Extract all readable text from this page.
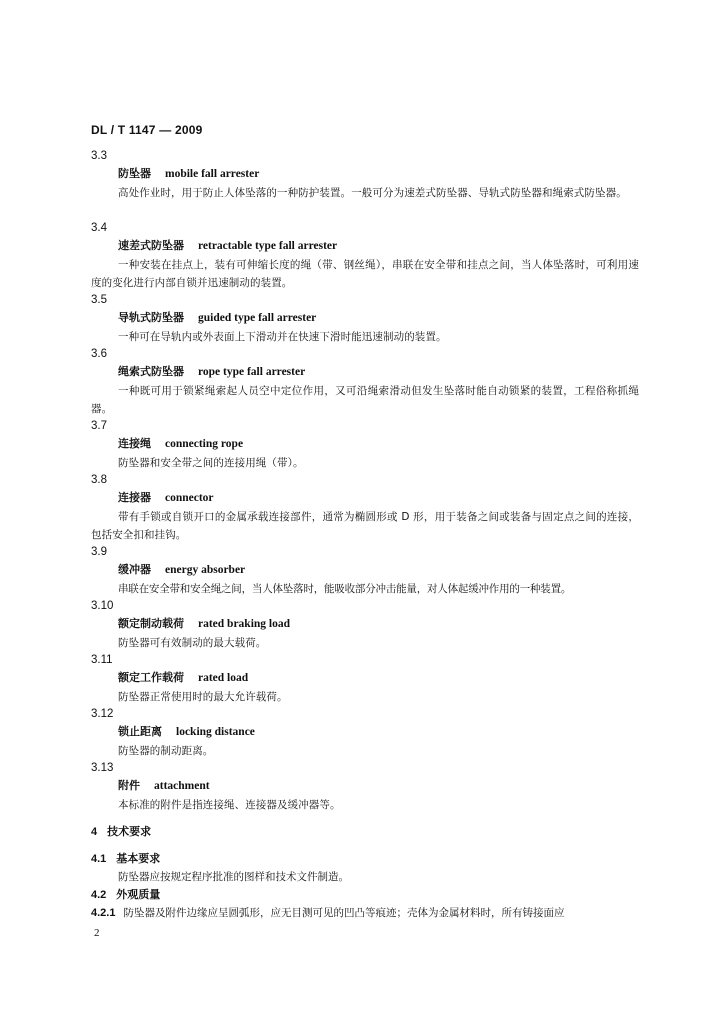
DL / T 1147 — 2009
3.3
防坠器 mobile fall arrester
高处作业时，用于防止人体坠落的一种防护装置。一般可分为速差式防坠器、导轨式防坠器和绳索式防坠器。
3.4
速差式防坠器 retractable type fall arrester
一种安装在挂点上，装有可伸缩长度的绳（带、钢丝绳），串联在安全带和挂点之间，当人体坠落时，可利用速度的变化进行内部自锁并迅速制动的装置。
3.5
导轨式防坠器 guided type fall arrester
一种可在导轨内或外表面上下滑动并在快速下滑时能迅速制动的装置。
3.6
绳索式防坠器 rope type fall arrester
一种既可用于锁紧绳索起人员空中定位作用，又可沿绳索滑动但发生坠落时能自动锁紧的装置，工程俗称抓绳器。
3.7
连接绳 connecting rope
防坠器和安全带之间的连接用绳（带）。
3.8
连接器 connector
带有手锁或自锁开口的金属承载连接部件，通常为椭圆形或 D 形，用于装备之间或装备与固定点之间的连接，包括安全扣和挂钩。
3.9
缓冲器 energy absorber
串联在安全带和安全绳之间，当人体坠落时，能吸收部分冲击能量，对人体起缓冲作用的一种装置。
3.10
额定制动载荷 rated braking load
防坠器可有效制动的最大载荷。
3.11
额定工作载荷 rated load
防坠器正常使用时的最大允许载荷。
3.12
锁止距离 locking distance
防坠器的制动距离。
3.13
附件 attachment
本标准的附件是指连接绳、连接器及缓冲器等。
4 技术要求
4.1 基本要求
防坠器应按规定程序批准的图样和技术文件制造。
4.2 外观质量
4.2.1 防坠器及附件边缘应呈圆弧形，应无目测可见的凹凸等痕迹；壳体为金属材料时，所有铸接面应
2
